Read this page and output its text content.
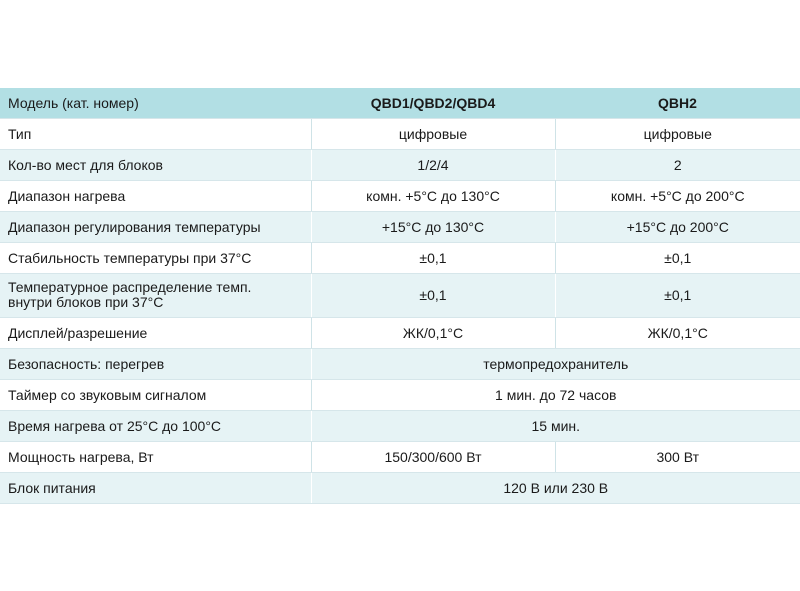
Модель (кат. номер)	QBD1/QBD2/QBD4	QBH2
Тип	цифровые	цифровые
Кол-во мест для блоков	1/2/4	2
Диапазон нагрева	комн. +5°C до 130°C	комн. +5°C до 200°C
Диапазон регулирования температуры	+15°C до 130°C	+15°C до 200°C
Стабильность температуры при 37°C	±0,1	±0,1

Температурное распределение темп.
внутри блоков при 37°C	±0,1	±0,1
Дисплей/разрешение	ЖК/0,1°C	ЖК/0,1°C
Безопасность: перегрев	термопредохранитель	
Таймер со звуковым сигналом	1 мин. до 72 часов	
Время нагрева от 25°C до 100°C	15 мин.	
Мощность нагрева, Вт	150/300/600 Вт	300 Вт
Блок питания	120 В или 230 В	
